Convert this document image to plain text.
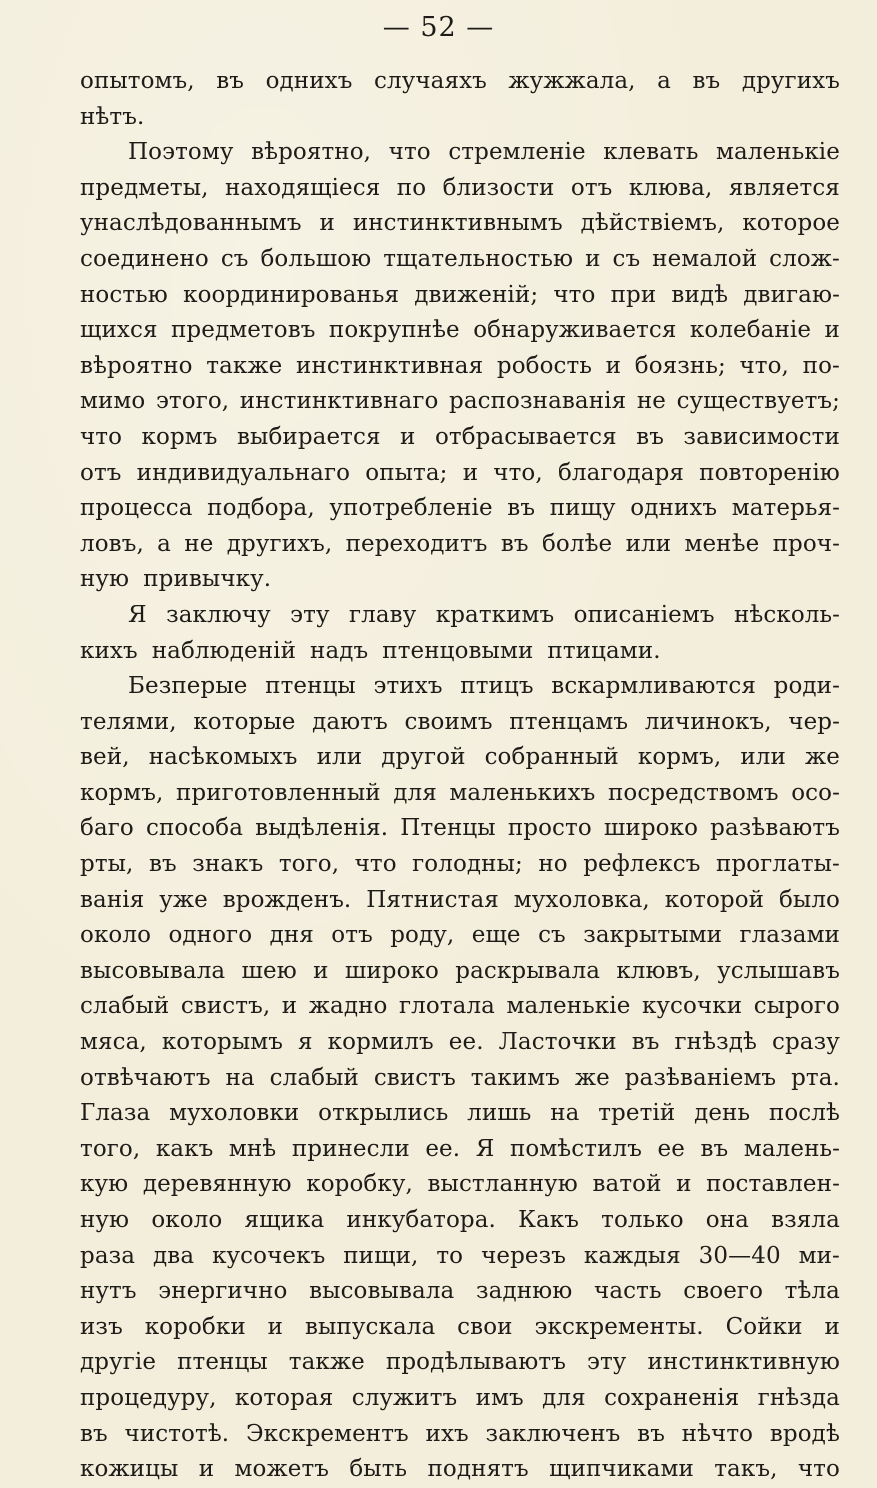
— 52 —
опытомъ, въ однихъ случаяхъ жужжала, а въ другихъ
нѣтъ.
Поэтому вѣроятно, что стремленіе клевать маленькіе
предметы, находящіеся по близости отъ клюва, является
унаслѣдованнымъ и инстинктивнымъ дѣйствіемъ, которое
соединено съ большою тщательностью и съ немалой слож-
ностью координированья движеній; что при видѣ двигаю-
щихся предметовъ покрупнѣе обнаруживается колебаніе и
вѣроятно также инстинктивная робость и боязнь; что, по-
мимо этого, инстинктивнаго распознаванія не существуетъ;
что кормъ выбирается и отбрасывается въ зависимости
отъ индивидуальнаго опыта; и что, благодаря повторенію
процесса подбора, употребленіе въ пищу однихъ матерья-
ловъ, а не другихъ, переходитъ въ болѣе или менѣе проч-
ную привычку.
Я заключу эту главу краткимъ описаніемъ нѣсколь-
кихъ наблюденій надъ птенцовыми птицами.
Безперые птенцы этихъ птицъ вскармливаются роди-
телями, которые даютъ своимъ птенцамъ личинокъ, чер-
вей, насѣкомыхъ или другой собранный кормъ, или же
кормъ, приготовленный для маленькихъ посредствомъ осо-
баго способа выдѣленія. Птенцы просто широко разѣваютъ
рты, въ знакъ того, что голодны; но рефлексъ проглаты-
ванія уже врожденъ. Пятнистая мухоловка, которой было
около одного дня отъ роду, еще съ закрытыми глазами
высовывала шею и широко раскрывала клювъ, услышавъ
слабый свистъ, и жадно глотала маленькіе кусочки сырого
мяса, которымъ я кормилъ ее. Ласточки въ гнѣздѣ сразу
отвѣчаютъ на слабый свистъ такимъ же разѣваніемъ рта.
Глаза мухоловки открылись лишь на третій день послѣ
того, какъ мнѣ принесли ее. Я помѣстилъ ее въ малень-
кую деревянную коробку, выстланную ватой и поставлен-
ную около ящика инкубатора. Какъ только она взяла
раза два кусочекъ пищи, то черезъ каждыя 30—40 ми-
нутъ энергично высовывала заднюю часть своего тѣла
изъ коробки и выпускала свои экскременты. Сойки и
другіе птенцы также продѣлываютъ эту инстинктивную
процедуру, которая служитъ имъ для сохраненія гнѣзда
въ чистотѣ. Экскрементъ ихъ заключенъ въ нѣчто вродѣ
кожицы и можетъ быть поднятъ щипчиками такъ, что
